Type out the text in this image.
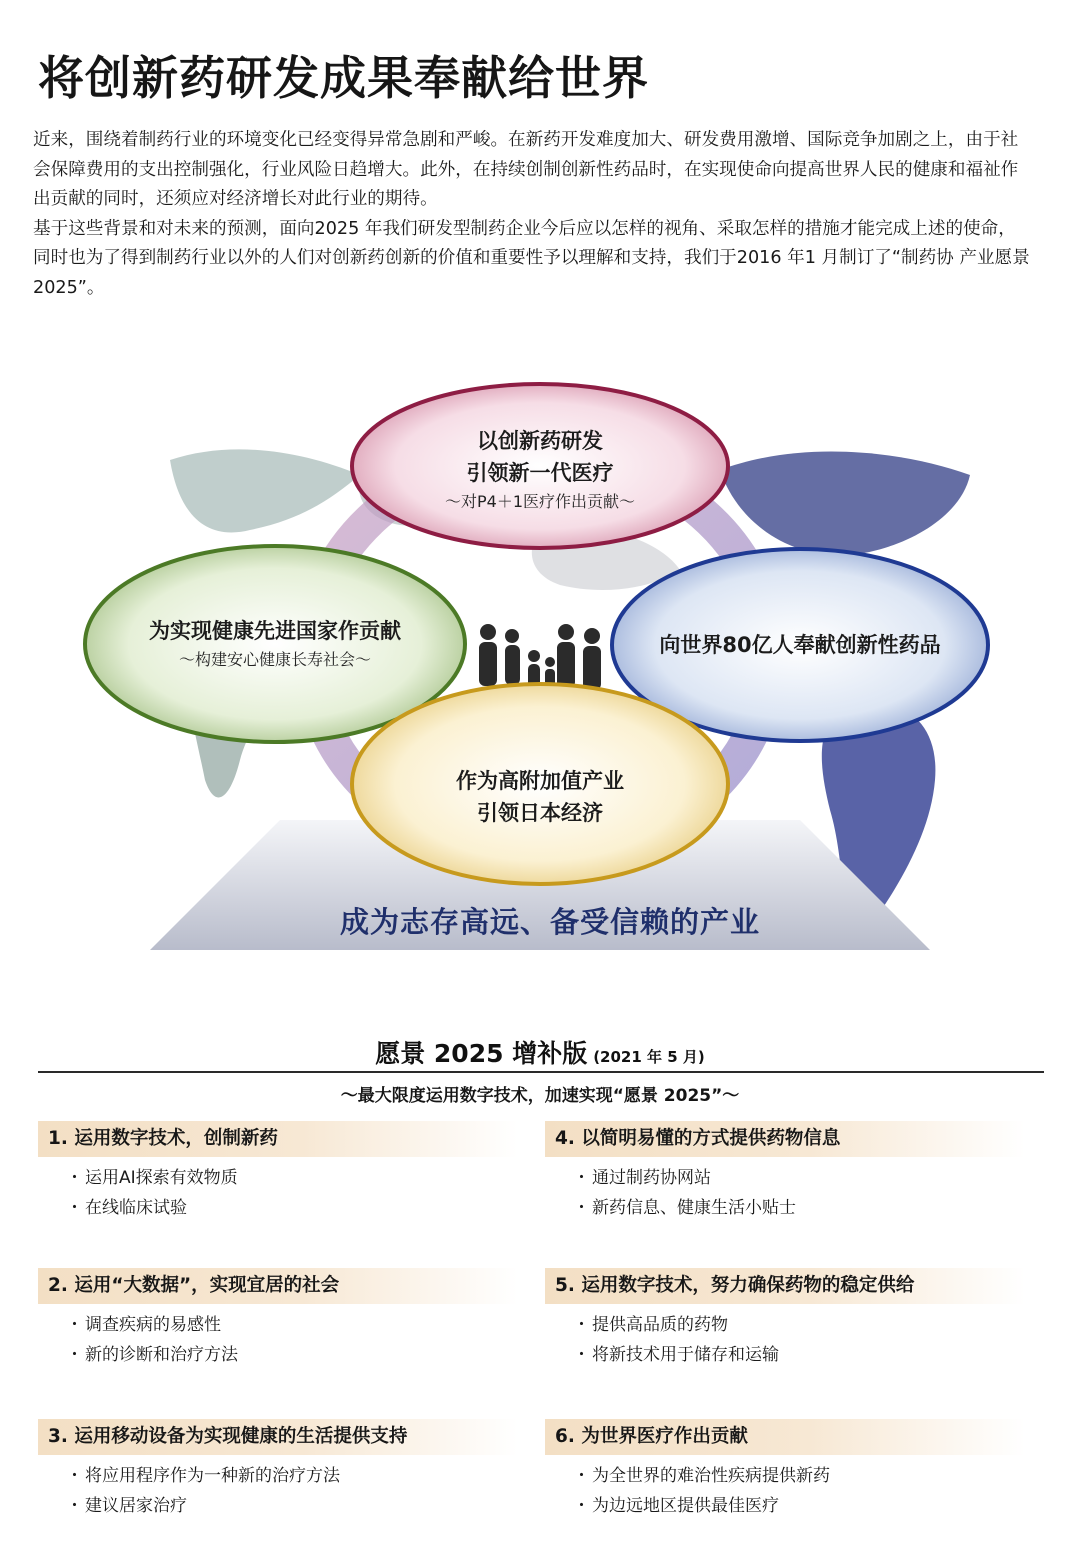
将创新药研发成果奉献给世界

近来，围绕着制药行业的环境变化已经变得异常急剧和严峻。在新药开发难度加大、研发费用激增、国际竞争加剧之上，由于社会保障费用的支出控制强化，行业风险日趋增大。此外，在持续创制创新性药品时，在实现使命向提高世界人民的健康和福祉作出贡献的同时，还须应对经济增长对此行业的期待。

基于这些背景和对未来的预测，面向2025 年我们研发型制药企业今后应以怎样的视角、采取怎样的措施才能完成上述的使命，同时也为了得到制药行业以外的人们对创新药创新的价值和重要性予以理解和支持，我们于2016 年1 月制订了“制药协 产业愿景2025”。

以创新药研发
引领新一代医疗
～对P4＋1医疗作出贡献～
为实现健康先进国家作贡献
～构建安心健康长寿社会～
向世界80亿人奉献创新性药品
作为高附加值产业
引领日本经济
成为志存高远、备受信赖的产业
愿景 2025 增补版 (2021 年 5 月)
～最大限度运用数字技术，加速实现“愿景 2025”～
1. 运用数字技术，创制新药
・ 运用AI探索有效物质
・ 在线临床试验
4. 以简明易懂的方式提供药物信息
・ 通过制药协网站
・ 新药信息、健康生活小贴士
2. 运用“大数据”，实现宜居的社会
・ 调查疾病的易感性
・ 新的诊断和治疗方法
5. 运用数字技术，努力确保药物的稳定供给
・ 提供高品质的药物
・ 将新技术用于储存和运输
3. 运用移动设备为实现健康的生活提供支持
・ 将应用程序作为一种新的治疗方法
・ 建议居家治疗
6. 为世界医疗作出贡献
・ 为全世界的难治性疾病提供新药
・ 为边远地区提供最佳医疗
